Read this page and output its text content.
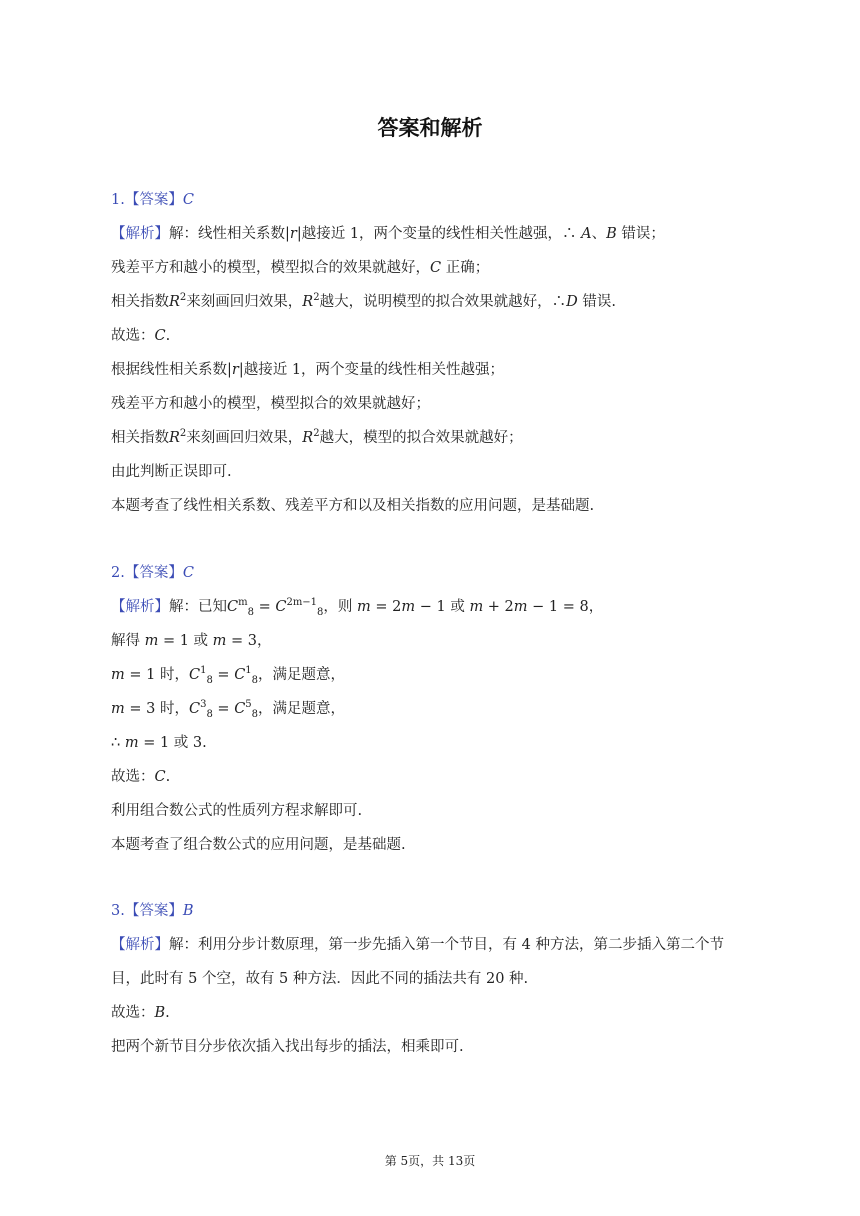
答案和解析
1.【答案】C
【解析】解：线性相关系数|r|越接近 1，两个变量的线性相关性越强，∴ A、B 错误；
残差平方和越小的模型，模型拟合的效果就越好，C 正确；
相关指数$R^2$来刻画回归效果，$R^2$越大，说明模型的拟合效果就越好，∴D 错误.
故选：C.
根据线性相关系数|r|越接近 1，两个变量的线性相关性越强；
残差平方和越小的模型，模型拟合的效果就越好；
相关指数$R^2$来刻画回归效果，$R^2$越大，模型的拟合效果就越好；
由此判断正误即可.
本题考查了线性相关系数、残差平方和以及相关指数的应用问题，是基础题.
2.【答案】C
【解析】解：已知$C^m_8 = C^{2m-1}_8$，则 m = 2m − 1 或 m + 2m − 1 = 8，
解得 m = 1 或 m = 3，
m = 1 时，$C^1_8 = C^1_8$，满足题意，
m = 3 时，$C^3_8 = C^5_8$，满足题意，
∴ m = 1 或 3.
故选：C.
利用组合数公式的性质列方程求解即可.
本题考查了组合数公式的应用问题，是基础题.
3.【答案】B
【解析】解：利用分步计数原理，第一步先插入第一个节目，有 4 种方法，第二步插入第二个节
目，此时有 5 个空，故有 5 种方法．因此不同的插法共有 20 种.
故选：B.
把两个新节目分步依次插入找出每步的插法，相乘即可.
第 5页，共 13页
